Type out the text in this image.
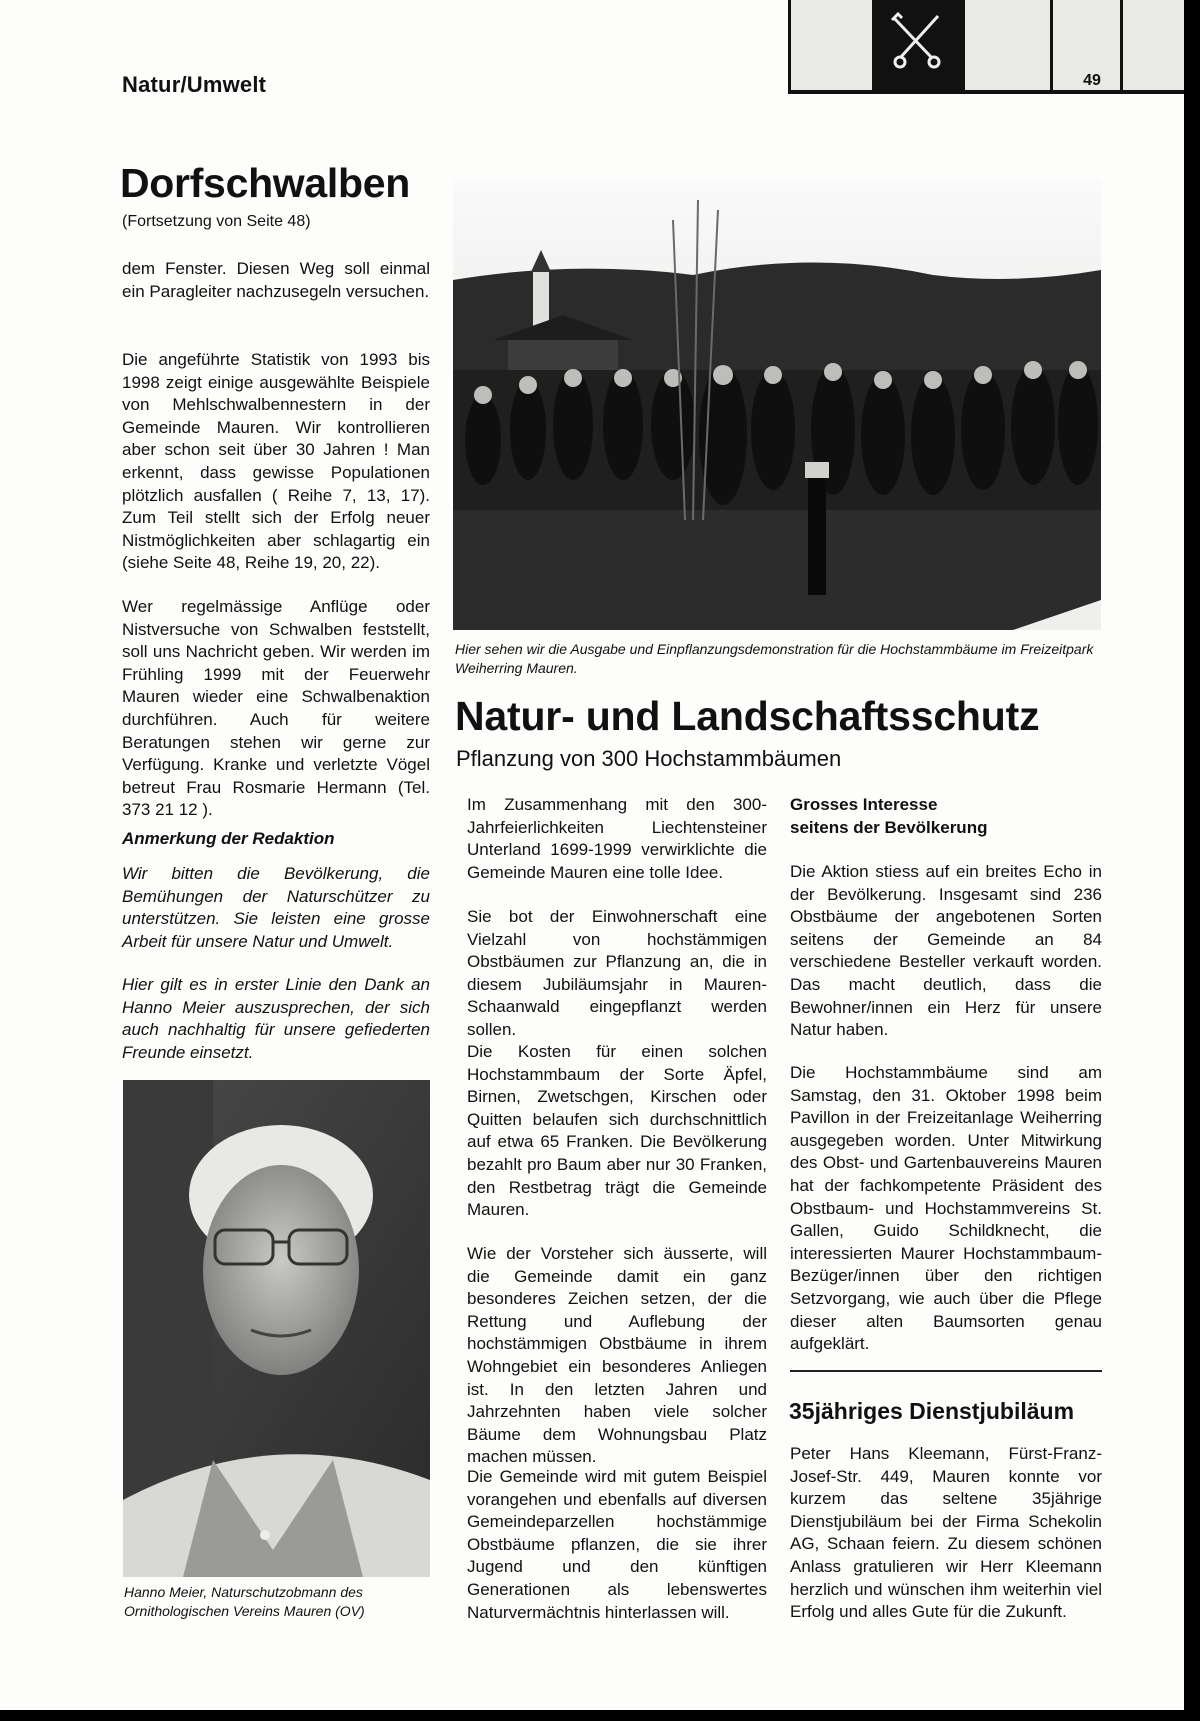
Natur/Umwelt	49
Dorfschwalben
(Fortsetzung von Seite 48)

dem Fenster. Diesen Weg soll einmal ein Paragleiter nachzusegeln versuchen.

Die angeführte Statistik von 1993 bis 1998 zeigt einige ausgewählte Beispiele von Mehlschwalbennestern in der Gemeinde Mauren. Wir kontrollieren aber schon seit über 30 Jahren ! Man erkennt, dass gewisse Populationen plötzlich ausfallen ( Reihe 7, 13, 17). Zum Teil stellt sich der Erfolg neuer Nistmöglichkeiten aber schlagartig ein (siehe Seite 48, Reihe 19, 20, 22).

Wer regelmässige Anflüge oder Nistversuche von Schwalben feststellt, soll uns Nachricht geben. Wir werden im Frühling 1999 mit der Feuerwehr Mauren wieder eine Schwalbenaktion durchführen. Auch für weitere Beratungen stehen wir gerne zur Verfügung. Kranke und verletzte Vögel betreut Frau Rosmarie Hermann (Tel. 373 21 12 ).

Anmerkung der Redaktion

Wir bitten die Bevölkerung, die Bemühungen der Naturschützer zu unterstützen. Sie leisten eine grosse Arbeit für unsere Natur und Umwelt.

Hier gilt es in erster Linie den Dank an Hanno Meier auszusprechen, der sich auch nachhaltig für unsere gefiederten Freunde einsetzt.

Hanno Meier, Naturschutzobmann des Ornithologischen Vereins Mauren (OV)
Hier sehen wir die Ausgabe und Einpflanzungsdemonstration für die Hochstammbäume im Freizeitpark Weiherring Mauren.
Natur- und Landschaftsschutz
Pflanzung von 300 Hochstammbäumen

Im Zusammenhang mit den 300-Jahrfeierlichkeiten Liechtensteiner Unterland 1699-1999 verwirklichte die Gemeinde Mauren eine tolle Idee.

Sie bot der Einwohnerschaft eine Vielzahl von hochstämmigen Obstbäumen zur Pflanzung an, die in diesem Jubiläumsjahr in Mauren-Schaanwald eingepflanzt werden sollen.

Die Kosten für einen solchen Hochstammbaum der Sorte Äpfel, Birnen, Zwetschgen, Kirschen oder Quitten belaufen sich durchschnittlich auf etwa 65 Franken. Die Bevölkerung bezahlt pro Baum aber nur 30 Franken, den Restbetrag trägt die Gemeinde Mauren.

Wie der Vorsteher sich äusserte, will die Gemeinde damit ein ganz besonderes Zeichen setzen, der die Rettung und Auflebung der hochstämmigen Obstbäume in ihrem Wohngebiet ein besonderes Anliegen ist. In den letzten Jahren und Jahrzehnten haben viele solcher Bäume dem Wohnungsbau Platz machen müssen.

Die Gemeinde wird mit gutem Beispiel vorangehen und ebenfalls auf diversen Gemeindeparzellen hochstämmige Obstbäume pflanzen, die sie ihrer Jugend und den künftigen Generationen als lebenswertes Naturvermächtnis hinterlassen will.

Grosses Interesse

seitens der Bevölkerung

Die Aktion stiess auf ein breites Echo in der Bevölkerung. Insgesamt sind 236 Obstbäume der angebotenen Sorten seitens der Gemeinde an 84 verschiedene Besteller verkauft worden. Das macht deutlich, dass die Bewohner/innen ein Herz für unsere Natur haben.

Die Hochstammbäume sind am Samstag, den 31. Oktober 1998 beim Pavillon in der Freizeitanlage Weiherring ausgegeben worden. Unter Mitwirkung des Obst- und Gartenbauvereins Mauren hat der fachkompetente Präsident des Obstbaum- und Hochstammvereins St. Gallen, Guido Schildknecht, die interessierten Maurer Hochstammbaum-Bezüger/innen über den richtigen Setzvorgang, wie auch über die Pflege dieser alten Baumsorten genau aufgeklärt.

35jähriges Dienstjubiläum

Peter Hans Kleemann, Fürst-Franz-Josef-Str. 449, Mauren konnte vor kurzem das seltene 35jährige Dienstjubiläum bei der Firma Schekolin AG, Schaan feiern. Zu diesem schönen Anlass gratulieren wir Herr Kleemann herzlich und wünschen ihm weiterhin viel Erfolg und alles Gute für die Zukunft.
